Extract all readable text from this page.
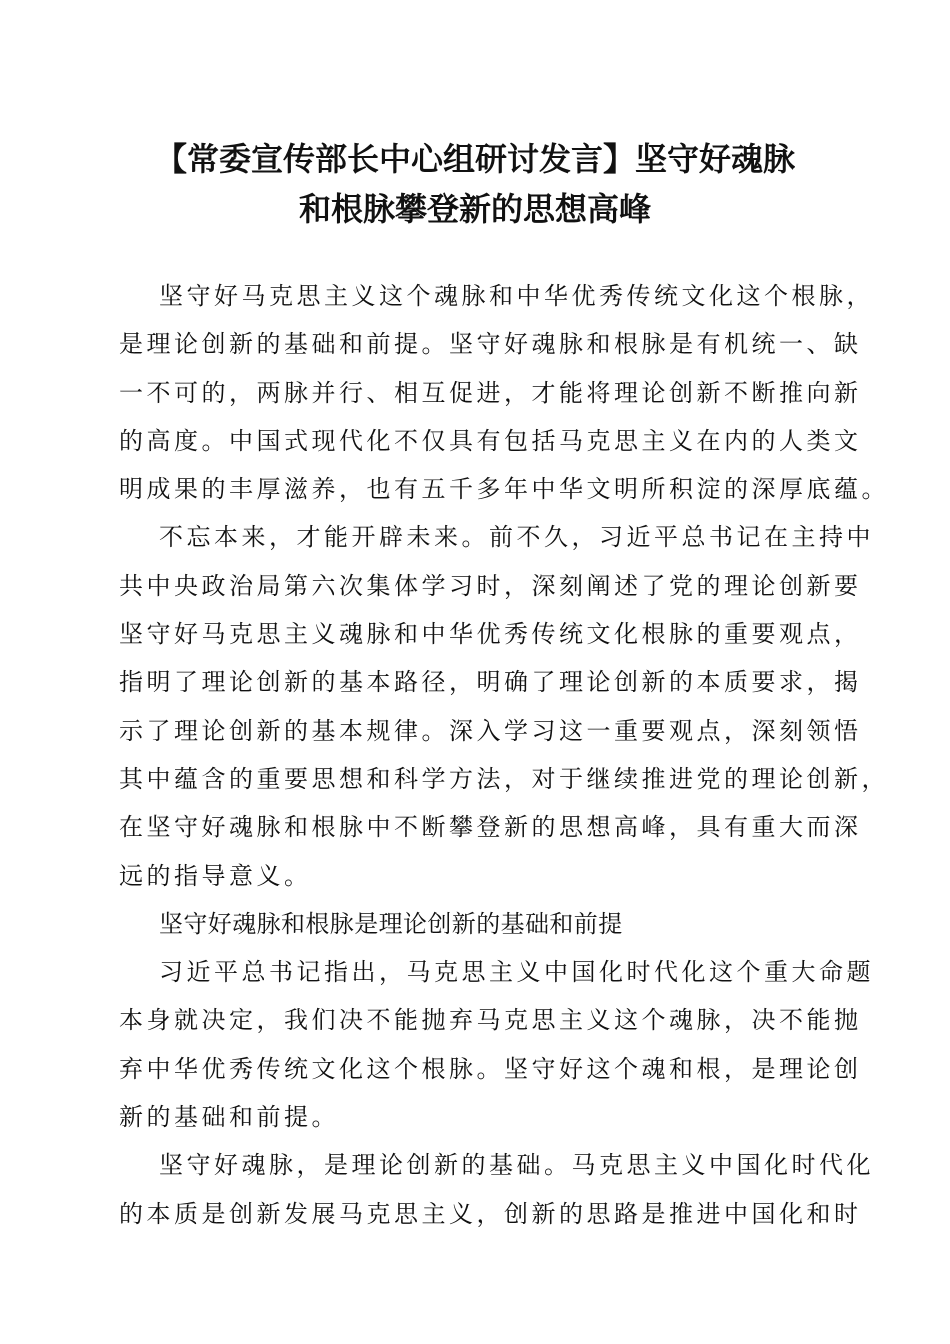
【常委宣传部长中心组研讨发言】坚守好魂脉
和根脉攀登新的思想高峰
坚守好马克思主义这个魂脉和中华优秀传统文化这个根脉，
是理论创新的基础和前提。坚守好魂脉和根脉是有机统一、缺
一不可的，两脉并行、相互促进，才能将理论创新不断推向新
的高度。中国式现代化不仅具有包括马克思主义在内的人类文
明成果的丰厚滋养，也有五千多年中华文明所积淀的深厚底蕴。
不忘本来，才能开辟未来。前不久，习近平总书记在主持中
共中央政治局第六次集体学习时，深刻阐述了党的理论创新要
坚守好马克思主义魂脉和中华优秀传统文化根脉的重要观点，
指明了理论创新的基本路径，明确了理论创新的本质要求，揭
示了理论创新的基本规律。深入学习这一重要观点，深刻领悟
其中蕴含的重要思想和科学方法，对于继续推进党的理论创新，
在坚守好魂脉和根脉中不断攀登新的思想高峰，具有重大而深
远的指导意义。
坚守好魂脉和根脉是理论创新的基础和前提
习近平总书记指出，马克思主义中国化时代化这个重大命题
本身就决定，我们决不能抛弃马克思主义这个魂脉，决不能抛
弃中华优秀传统文化这个根脉。坚守好这个魂和根，是理论创
新的基础和前提。
坚守好魂脉，是理论创新的基础。马克思主义中国化时代化
的本质是创新发展马克思主义，创新的思路是推进中国化和时
